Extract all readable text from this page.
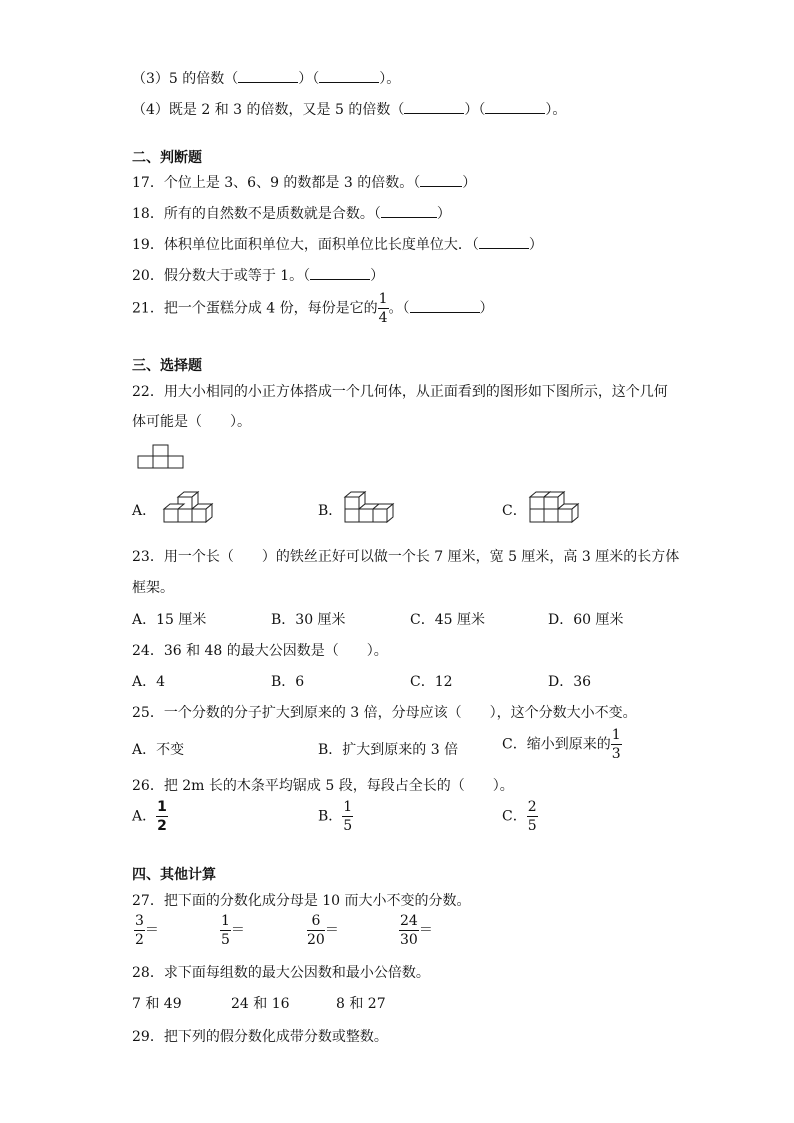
（3）5 的倍数（	）（	）。
（4）既是 2 和 3 的倍数，又是 5 的倍数（	）（	）。
二、判断题
17．个位上是 3、6、9 的数都是 3 的倍数。（	）
18．所有的自然数不是质数就是合数。（	）
19．体积单位比面积单位大，面积单位比长度单位大．（	）
20．假分数大于或等于 1。（	）
21．把一个蛋糕分成 4 份，每份是它的 $\frac{1}{4}$ 。（	）
三、选择题
22．用大小相同的小正方体搭成一个几何体，从正面看到的图形如下图所示，这个几何
体可能是（　　）。
A．	B．	C．
23．用一个长（　　）的铁丝正好可以做一个长 7 厘米，宽 5 厘米，高 3 厘米的长方体
框架。
A．15 厘米	B．30 厘米	C．45 厘米	D．60 厘米
24．36 和 48 的最大公因数是（　　）。
A．4	B．6	C．12	D．36
25．一个分数的分子扩大到原来的 3 倍，分母应该（　　），这个分数大小不变。
A．不变	B．扩大到原来的 3 倍	C．缩小到原来的 $\frac{1}{3}$
26．把 2m 长的木条平均锯成 5 段，每段占全长的（　　）。
A． $\frac{1}{2}$	B． $\frac{1}{5}$	C． $\frac{2}{5}$
四、其他计算
27．把下面的分数化成分母是 10 而大小不变的分数。
$\frac{3}{2}$ ＝	$\frac{1}{5}$ ＝	$\frac{6}{20}$ ＝	$\frac{24}{30}$ ＝
28．求下面每组数的最大公因数和最小公倍数。
7 和 49	24 和 16	8 和 27
29．把下列的假分数化成带分数或整数。
